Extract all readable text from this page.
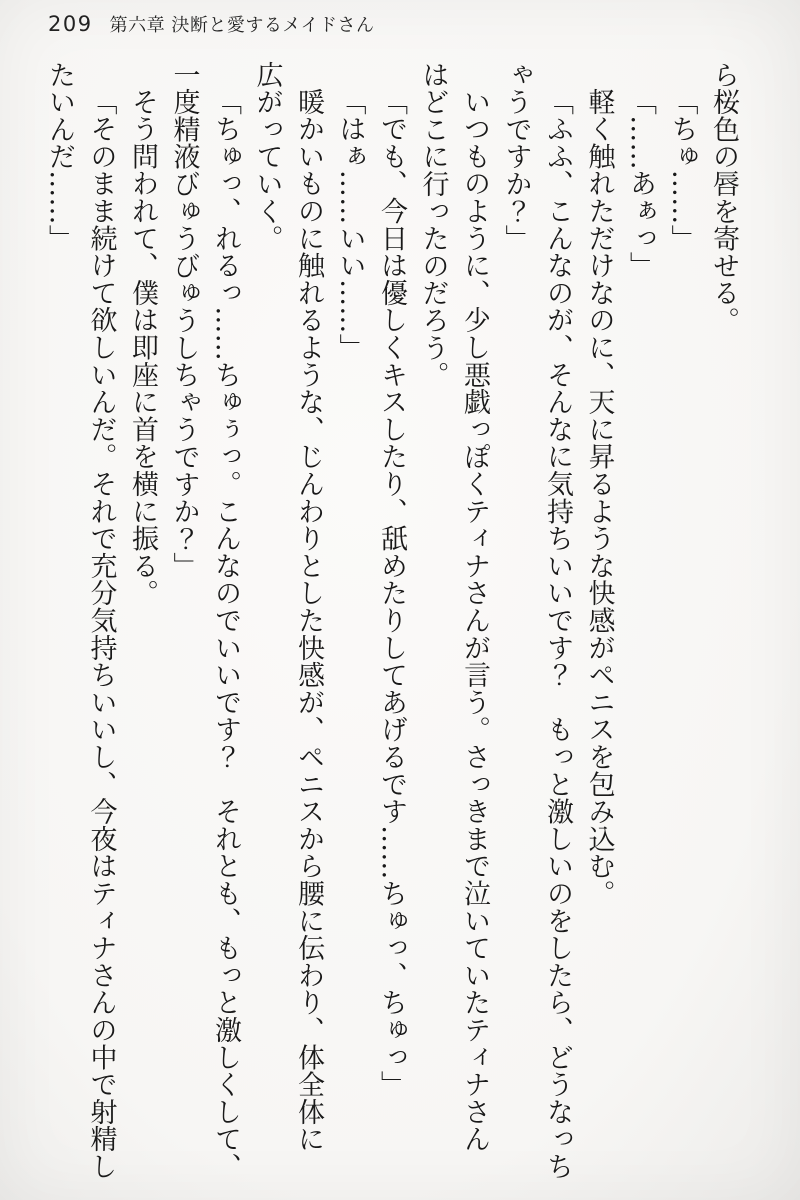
209 第六章 決断と愛するメイドさん

ら桜色の唇を寄せる。

「ちゅ……」

「……あぁっ」

軽く触れただけなのに、天に昇るような快感がペニスを包み込む。

「ふふ、こんなのが、そんなに気持ちいいです？　もっと激しいのをしたら、どうなっち

ゃうですか？」

いつものように、少し悪戯っぽくティナさんが言う。さっきまで泣いていたティナさん

はどこに行ったのだろう。

「でも、今日は優しくキスしたり、舐めたりしてあげるです……ちゅっ、ちゅっ」

「はぁ……いい……」

暖かいものに触れるような、じんわりとした快感が、ペニスから腰に伝わり、体全体に

広がっていく。

「ちゅっ、れるっ……ちゅぅっ。こんなのでいいです？　それとも、もっと激しくして、

一度精液びゅうびゅうしちゃうですか？」

そう問われて、僕は即座に首を横に振る。

「そのまま続けて欲しいんだ。それで充分気持ちいいし、今夜はティナさんの中で射精し

たいんだ……」
